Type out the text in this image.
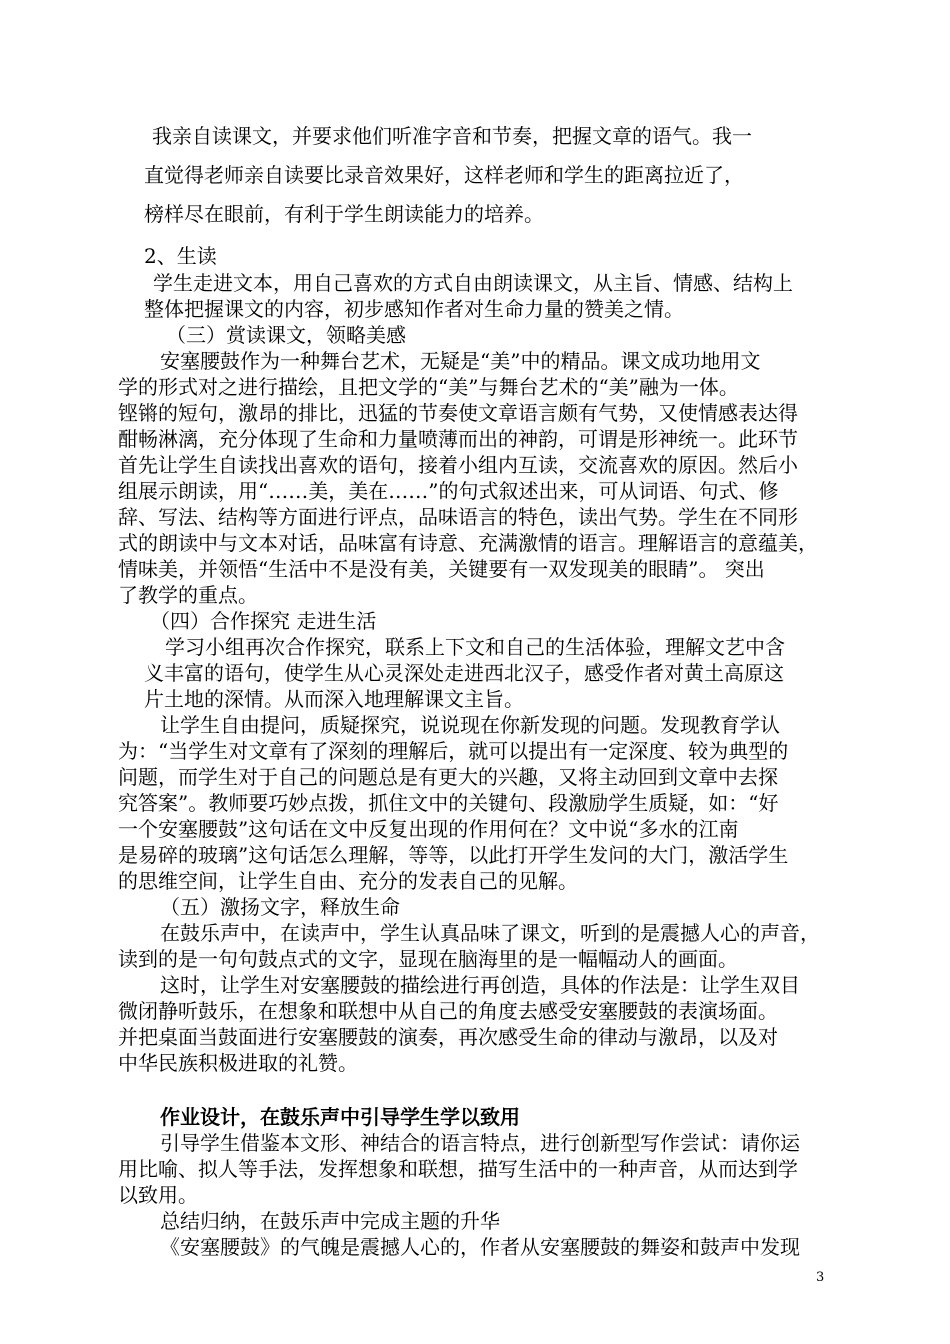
我亲自读课文，并要求他们听准字音和节奏，把握文章的语气。我一
直觉得老师亲自读要比录音效果好，这样老师和学生的距离拉近了，
榜样尽在眼前，有利于学生朗读能力的培养。
2、生读
学生走进文本，用自己喜欢的方式自由朗读课文，从主旨、情感、结构上
整体把握课文的内容，初步感知作者对生命力量的赞美之情。
（三）赏读课文，领略美感
安塞腰鼓作为一种舞台艺术，无疑是“美”中的精品。课文成功地用文
学的形式对之进行描绘，且把文学的“美”与舞台艺术的“美”融为一体。
铿锵的短句，激昂的排比，迅猛的节奏使文章语言颇有气势，又使情感表达得
酣畅淋漓，充分体现了生命和力量喷薄而出的神韵，可谓是形神统一。此环节
首先让学生自读找出喜欢的语句，接着小组内互读，交流喜欢的原因。然后小
组展示朗读，用“……美，美在……”的句式叙述出来，可从词语、句式、修
辞、写法、结构等方面进行评点，品味语言的特色，读出气势。学生在不同形
式的朗读中与文本对话，品味富有诗意、充满激情的语言。理解语言的意蕴美，
情味美，并领悟“生活中不是没有美，关键要有一双发现美的眼睛”。 突出
了教学的重点。
（四）合作探究 走进生活
学习小组再次合作探究，联系上下文和自己的生活体验，理解文艺中含
义丰富的语句，使学生从心灵深处走进西北汉子，感受作者对黄土高原这
片土地的深情。从而深入地理解课文主旨。
让学生自由提问，质疑探究，说说现在你新发现的问题。发现教育学认
为：“当学生对文章有了深刻的理解后，就可以提出有一定深度、较为典型的
问题，而学生对于自己的问题总是有更大的兴趣，又将主动回到文章中去探
究答案”。教师要巧妙点拨，抓住文中的关键句、段激励学生质疑，如：“好
一个安塞腰鼓”这句话在文中反复出现的作用何在？文中说“多水的江南
是易碎的玻璃”这句话怎么理解，等等，以此打开学生发问的大门，激活学生
的思维空间，让学生自由、充分的发表自己的见解。
（五）激扬文字，释放生命
在鼓乐声中，在读声中，学生认真品味了课文，听到的是震撼人心的声音，
读到的是一句句鼓点式的文字，显现在脑海里的是一幅幅动人的画面。
这时，让学生对安塞腰鼓的描绘进行再创造，具体的作法是：让学生双目
微闭静听鼓乐，在想象和联想中从自己的角度去感受安塞腰鼓的表演场面。
并把桌面当鼓面进行安塞腰鼓的演奏，再次感受生命的律动与激昂，以及对
中华民族积极进取的礼赞。
作业设计，在鼓乐声中引导学生学以致用
引导学生借鉴本文形、神结合的语言特点，进行创新型写作尝试：请你运
用比喻、拟人等手法，发挥想象和联想，描写生活中的一种声音，从而达到学
以致用。
总结归纳，在鼓乐声中完成主题的升华
《安塞腰鼓》的气魄是震撼人心的，作者从安塞腰鼓的舞姿和鼓声中发现
3
